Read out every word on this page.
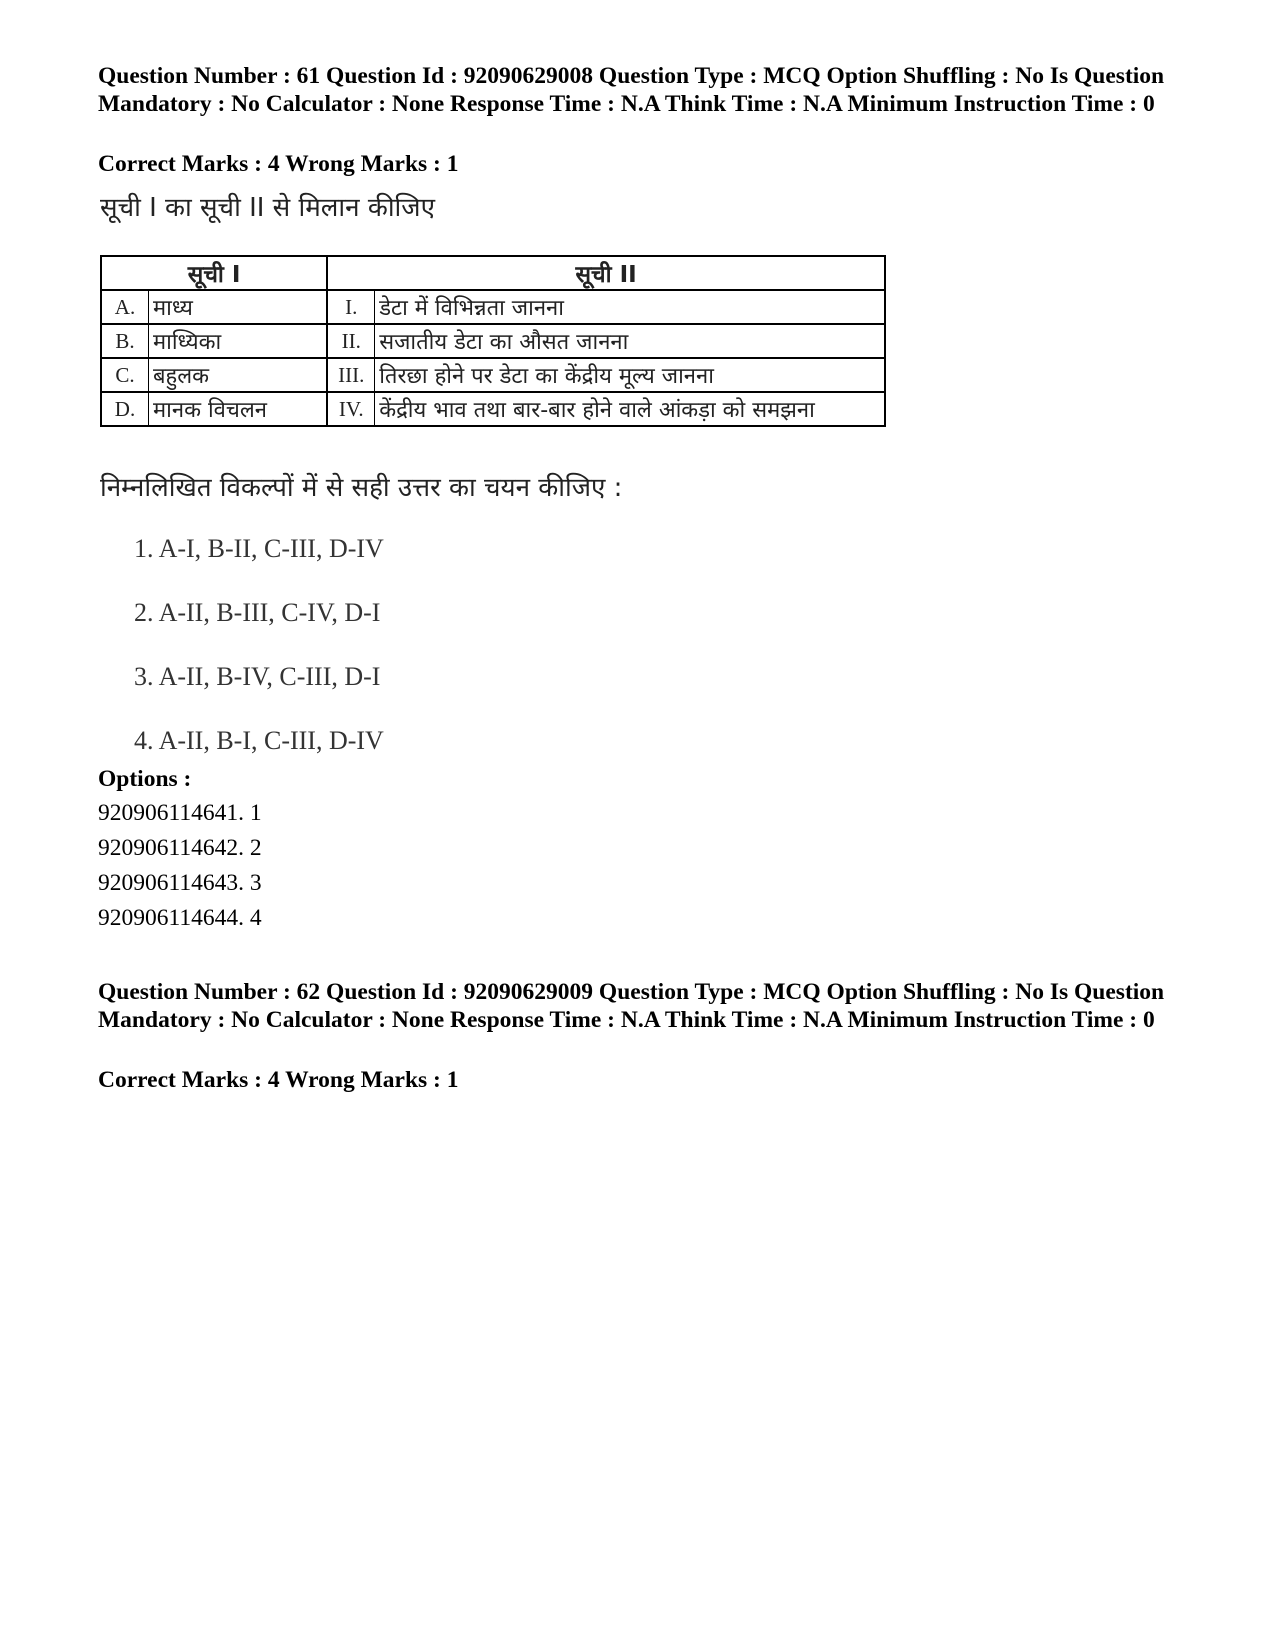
Question Number : 61 Question Id : 92090629008 Question Type : MCQ Option Shuffling : No Is Question Mandatory : No Calculator : None Response Time : N.A Think Time : N.A Minimum Instruction Time : 0
Correct Marks : 4 Wrong Marks : 1
सूची I का सूची II से मिलान कीजिए
सूची I		सूची II	
A.	माध्य	I.	डेटा में विभिन्नता जानना
B.	माध्यिका	II.	सजातीय डेटा का औसत जानना
C.	बहुलक	III.	तिरछा होने पर डेटा का केंद्रीय मूल्य जानना
D.	मानक विचलन	IV.	केंद्रीय भाव तथा बार-बार होने वाले आंकड़ा को समझना
निम्नलिखित विकल्पों में से सही उत्तर का चयन कीजिए :
1. A-I, B-II, C-III, D-IV
2. A-II, B-III, C-IV, D-I
3. A-II, B-IV, C-III, D-I
4. A-II, B-I, C-III, D-IV
Options :
920906114641. 1
920906114642. 2
920906114643. 3
920906114644. 4
Question Number : 62 Question Id : 92090629009 Question Type : MCQ Option Shuffling : No Is Question Mandatory : No Calculator : None Response Time : N.A Think Time : N.A Minimum Instruction Time : 0
Correct Marks : 4 Wrong Marks : 1
